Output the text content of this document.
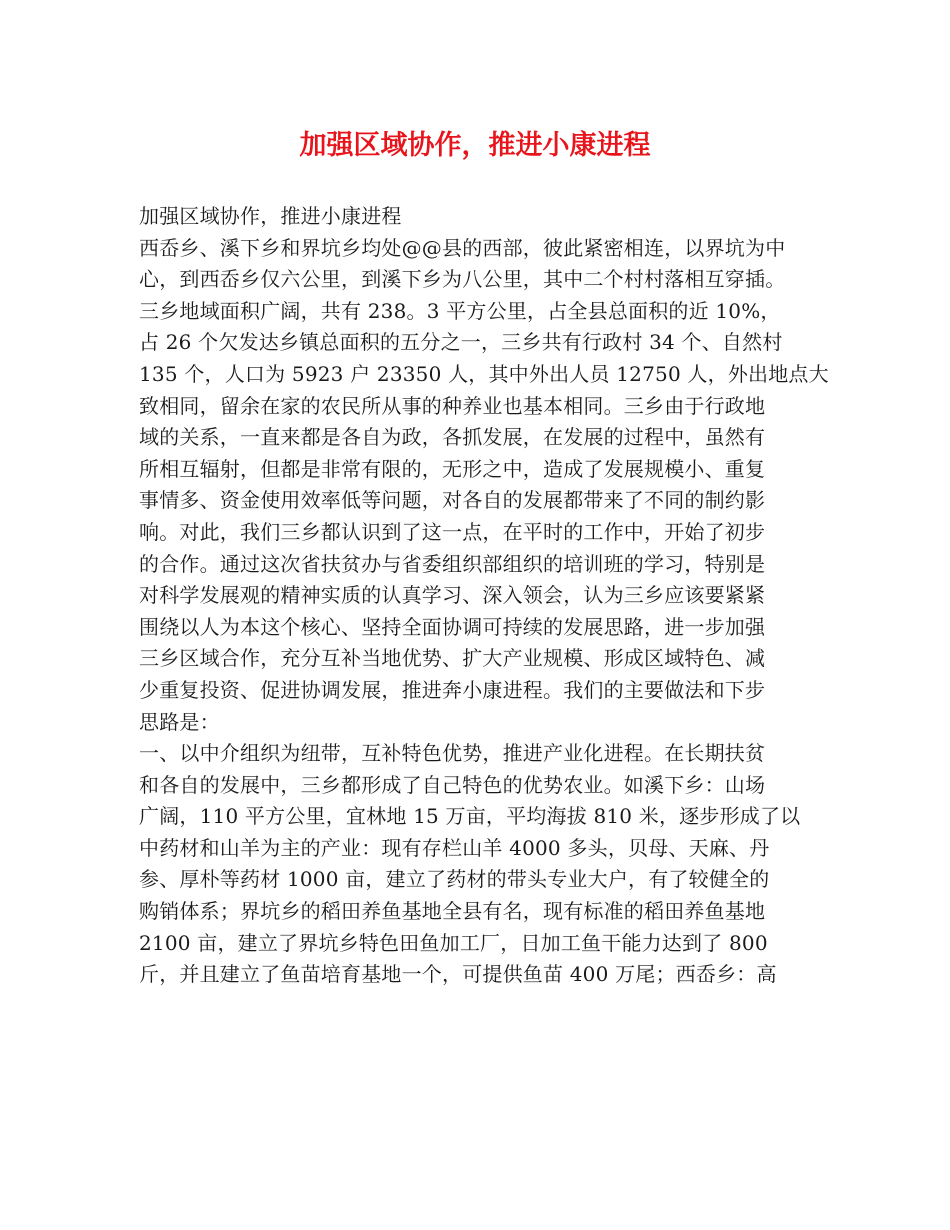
加强区域协作，推进小康进程
加强区域协作，推进小康进程
西岙乡、溪下乡和界坑乡均处@@县的西部，彼此紧密相连，以界坑为中
心，到西岙乡仅六公里，到溪下乡为八公里，其中二个村村落相互穿插。
三乡地域面积广阔，共有 238。3 平方公里，占全县总面积的近 10%，
占 26 个欠发达乡镇总面积的五分之一，三乡共有行政村 34 个、自然村
135 个，人口为 5923 户 23350 人，其中外出人员 12750 人，外出地点大
致相同，留余在家的农民所从事的种养业也基本相同。三乡由于行政地
域的关系，一直来都是各自为政，各抓发展，在发展的过程中，虽然有
所相互辐射，但都是非常有限的，无形之中，造成了发展规模小、重复
事情多、资金使用效率低等问题，对各自的发展都带来了不同的制约影
响。对此，我们三乡都认识到了这一点，在平时的工作中，开始了初步
的合作。通过这次省扶贫办与省委组织部组织的培训班的学习，特别是
对科学发展观的精神实质的认真学习、深入领会，认为三乡应该要紧紧
围绕以人为本这个核心、坚持全面协调可持续的发展思路，进一步加强
三乡区域合作，充分互补当地优势、扩大产业规模、形成区域特色、减
少重复投资、促进协调发展，推进奔小康进程。我们的主要做法和下步
思路是：
一、以中介组织为纽带，互补特色优势，推进产业化进程。在长期扶贫
和各自的发展中，三乡都形成了自己特色的优势农业。如溪下乡：山场
广阔，110 平方公里，宜林地 15 万亩，平均海拔 810 米，逐步形成了以
中药材和山羊为主的产业：现有存栏山羊 4000 多头，贝母、天麻、丹
参、厚朴等药材 1000 亩，建立了药材的带头专业大户，有了较健全的
购销体系；界坑乡的稻田养鱼基地全县有名，现有标准的稻田养鱼基地
2100 亩，建立了界坑乡特色田鱼加工厂，日加工鱼干能力达到了 800
斤，并且建立了鱼苗培育基地一个，可提供鱼苗 400 万尾；西岙乡：高
